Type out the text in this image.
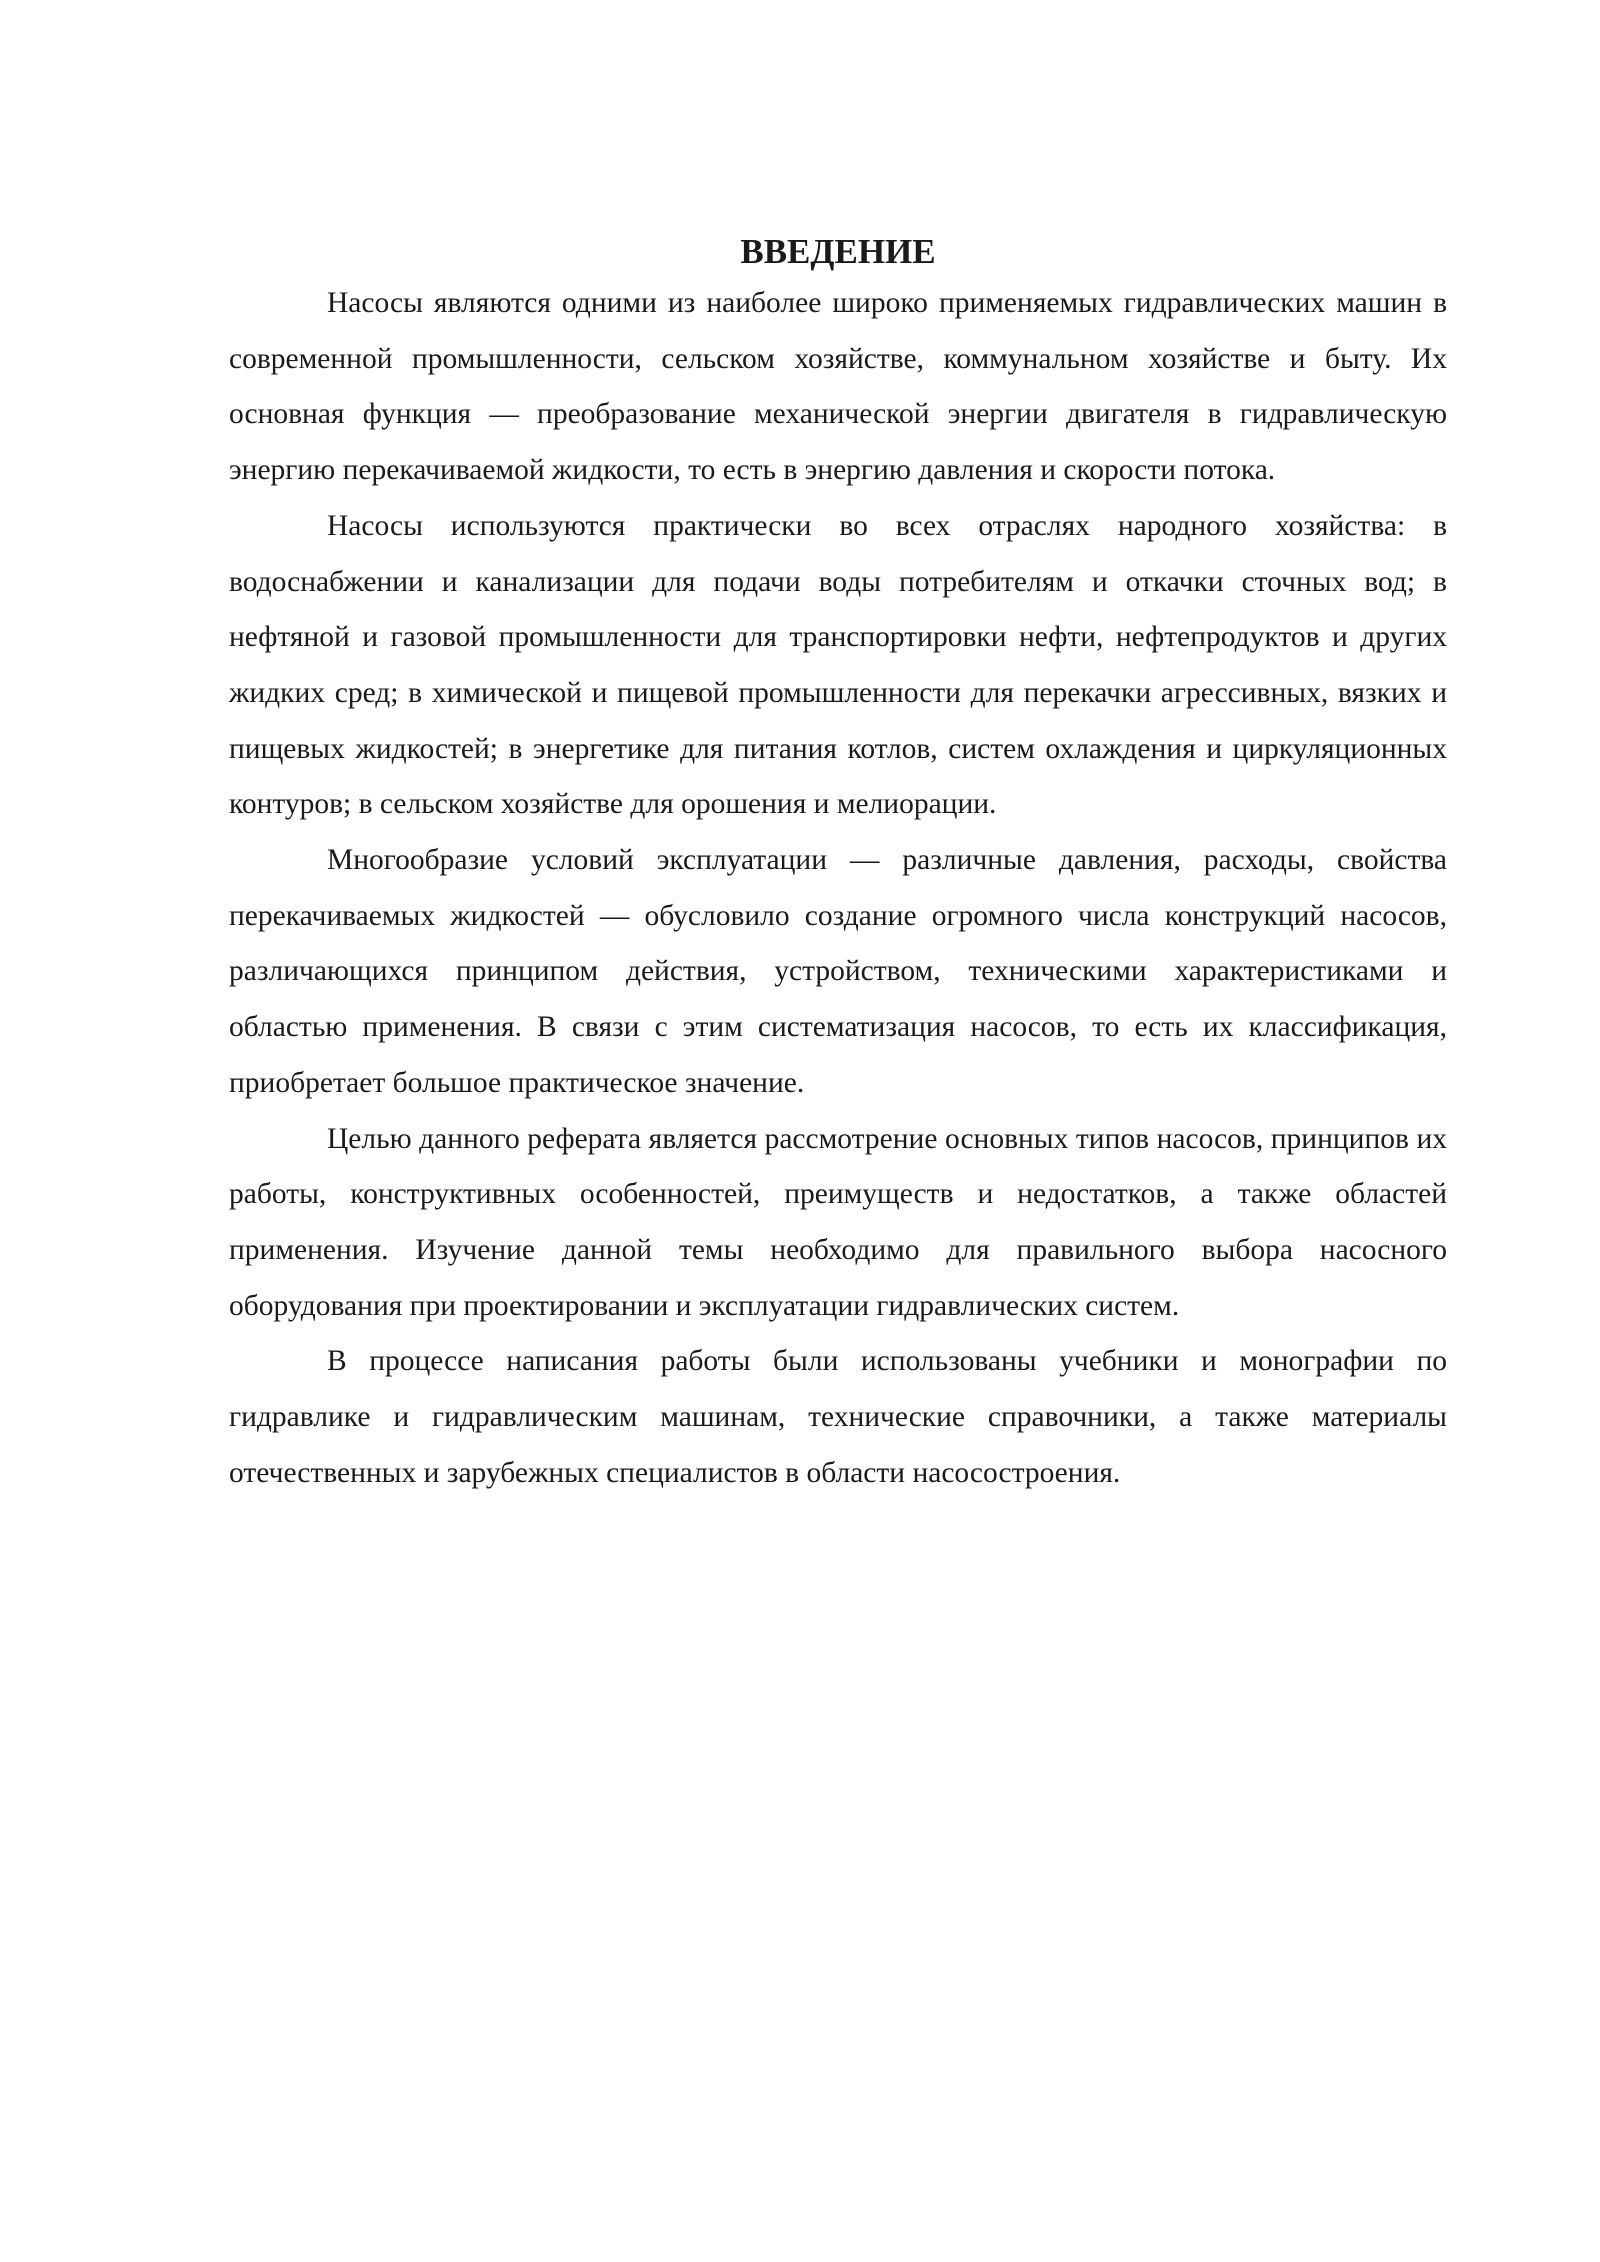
ВВЕДЕНИЕ

Насосы являются одними из наиболее широко применяемых гидравлических машин в современной промышленности, сельском хозяйстве, коммунальном хозяйстве и быту. Их основная функция — преобразование механической энергии двигателя в гидравлическую энергию перекачиваемой жидкости, то есть в энергию давления и скорости потока.

Насосы используются практически во всех отраслях народного хозяйства: в водоснабжении и канализации для подачи воды потребителям и откачки сточных вод; в нефтяной и газовой промышленности для транспортировки нефти, нефтепродуктов и других жидких сред; в химической и пищевой промышленности для перекачки агрессивных, вязких и пищевых жидкостей; в энергетике для питания котлов, систем охлаждения и циркуляционных контуров; в сельском хозяйстве для орошения и мелиорации.

Многообразие условий эксплуатации — различные давления, расходы, свойства перекачиваемых жидкостей — обусловило создание огромного числа конструкций насосов, различающихся принципом действия, устройством, техническими характеристиками и областью применения. В связи с этим систематизация насосов, то есть их классификация, приобретает большое практическое значение.

Целью данного реферата является рассмотрение основных типов насосов, принципов их работы, конструктивных особенностей, преимуществ и недостатков, а также областей применения. Изучение данной темы необходимо для правильного выбора насосного оборудования при проектировании и эксплуатации гидравлических систем.

В процессе написания работы были использованы учебники и монографии по гидравлике и гидравлическим машинам, технические справочники, а также материалы отечественных и зарубежных специалистов в области насосостроения.
